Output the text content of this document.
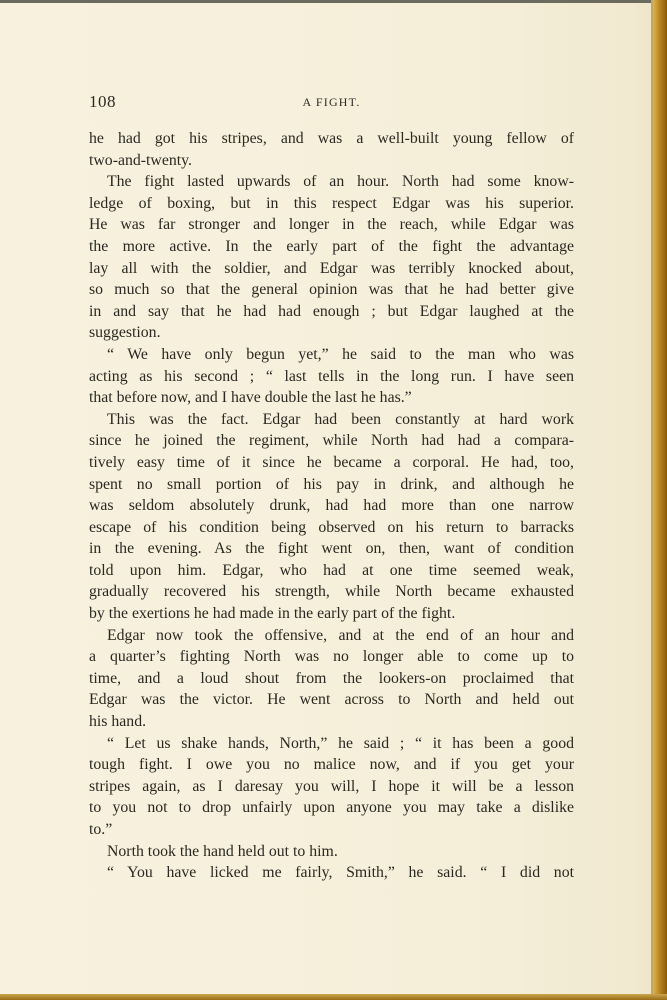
108	A FIGHT.
he had got his stripes, and was a well-built young fellow of
two-and-twenty.
The fight lasted upwards of an hour. North had some know-
ledge of boxing, but in this respect Edgar was his superior.
He was far stronger and longer in the reach, while Edgar was
the more active. In the early part of the fight the advantage
lay all with the soldier, and Edgar was terribly knocked about,
so much so that the general opinion was that he had better give
in and say that he had had enough ; but Edgar laughed at the
suggestion.
“ We have only begun yet,” he said to the man who was
acting as his second ; “ last tells in the long run. I have seen
that before now, and I have double the last he has.”
This was the fact. Edgar had been constantly at hard work
since he joined the regiment, while North had had a compara-
tively easy time of it since he became a corporal. He had, too,
spent no small portion of his pay in drink, and although he
was seldom absolutely drunk, had had more than one narrow
escape of his condition being observed on his return to barracks
in the evening. As the fight went on, then, want of condition
told upon him. Edgar, who had at one time seemed weak,
gradually recovered his strength, while North became exhausted
by the exertions he had made in the early part of the fight.
Edgar now took the offensive, and at the end of an hour and
a quarter’s fighting North was no longer able to come up to
time, and a loud shout from the lookers-on proclaimed that
Edgar was the victor. He went across to North and held out
his hand.
“ Let us shake hands, North,” he said ; “ it has been a good
tough fight. I owe you no malice now, and if you get your
stripes again, as I daresay you will, I hope it will be a lesson
to you not to drop unfairly upon anyone you may take a dislike
to.”
North took the hand held out to him.
“ You have licked me fairly, Smith,” he said. “ I did not
